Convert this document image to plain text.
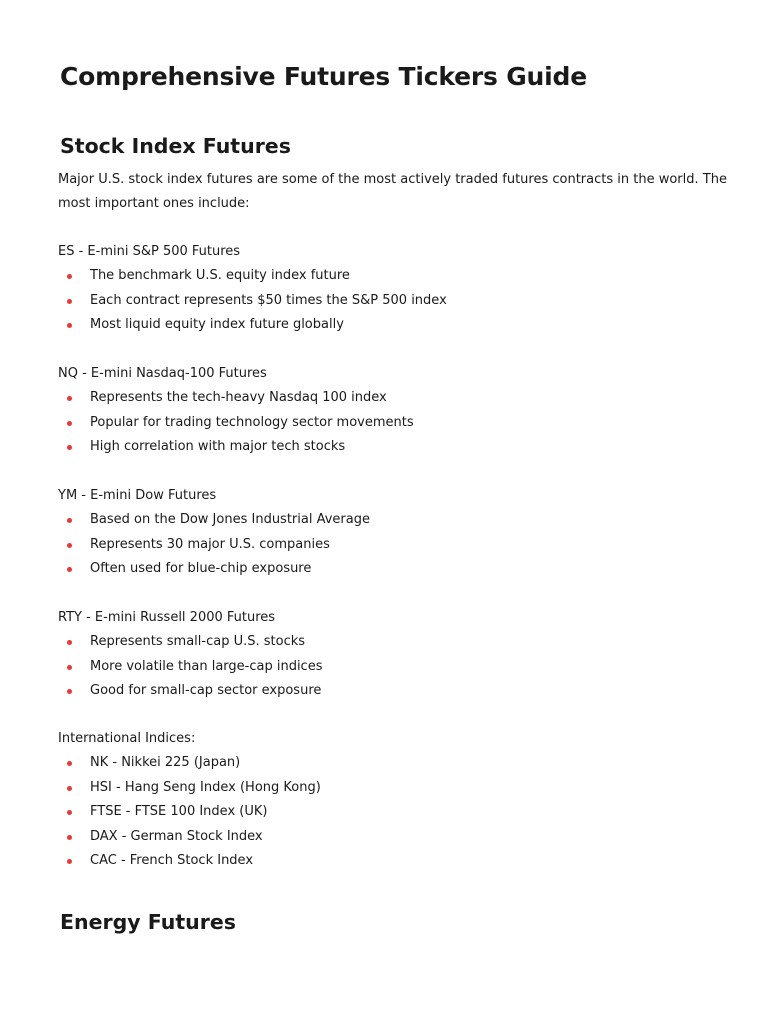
Comprehensive Futures Tickers Guide
Stock Index Futures

Major U.S. stock index futures are some of the most actively traded futures contracts in the world. The most important ones include:

ES - E-mini S&P 500 Futures
The benchmark U.S. equity index future
Each contract represents $50 times the S&P 500 index
Most liquid equity index future globally
NQ - E-mini Nasdaq-100 Futures
Represents the tech-heavy Nasdaq 100 index
Popular for trading technology sector movements
High correlation with major tech stocks
YM - E-mini Dow Futures
Based on the Dow Jones Industrial Average
Represents 30 major U.S. companies
Often used for blue-chip exposure
RTY - E-mini Russell 2000 Futures
Represents small-cap U.S. stocks
More volatile than large-cap indices
Good for small-cap sector exposure
International Indices:
NK - Nikkei 225 (Japan)
HSI - Hang Seng Index (Hong Kong)
FTSE - FTSE 100 Index (UK)
DAX - German Stock Index
CAC - French Stock Index
Energy Futures
